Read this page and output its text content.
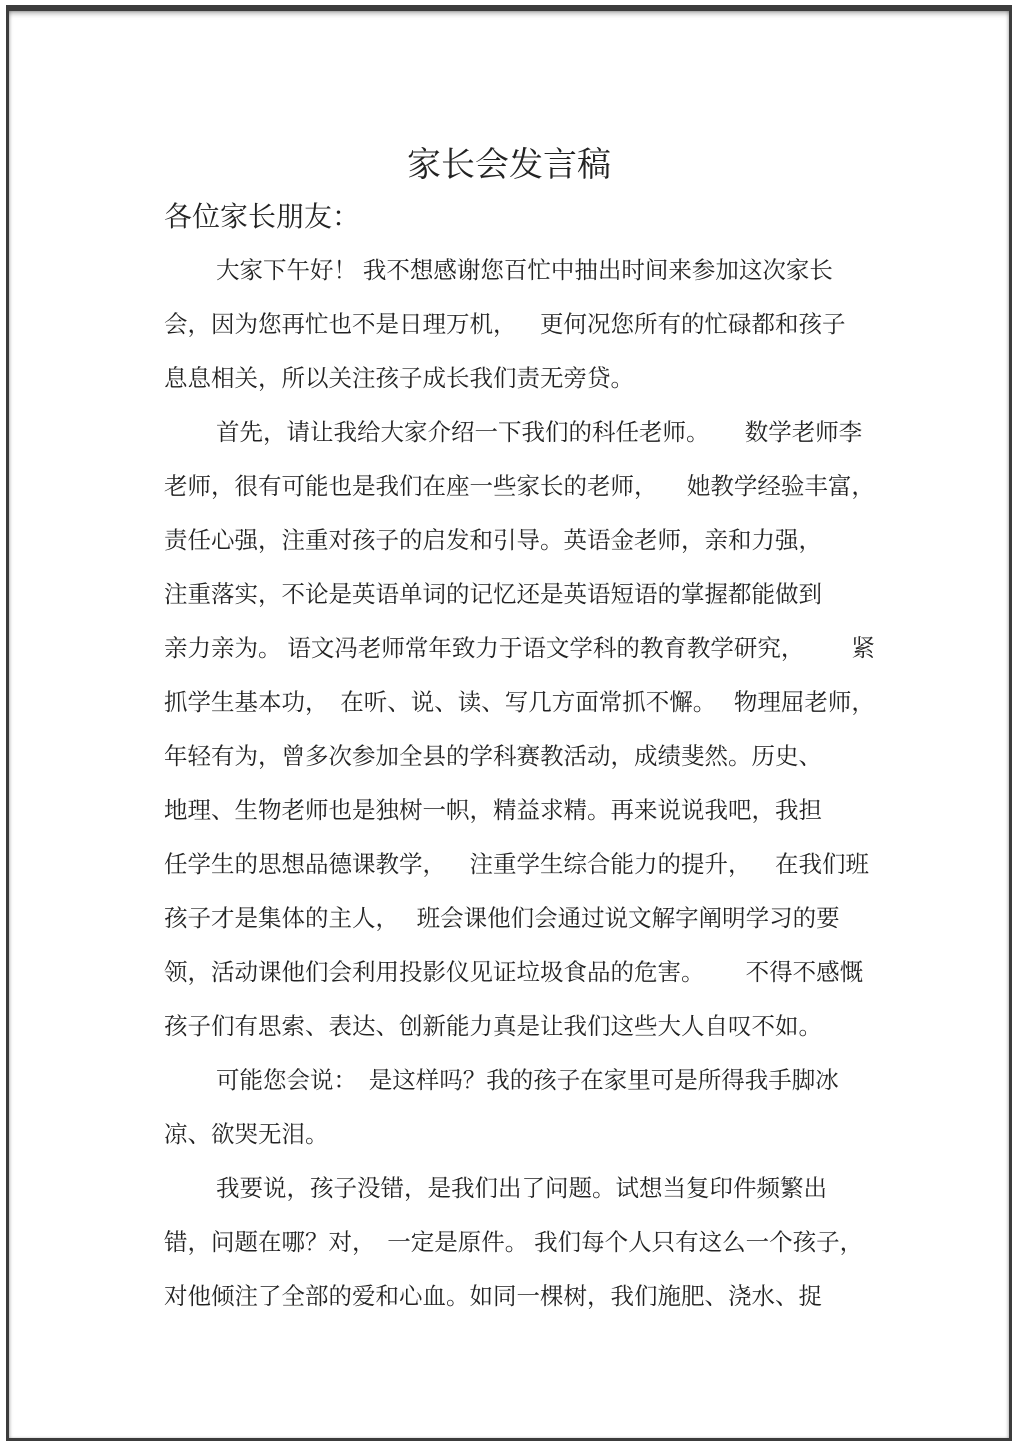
家长会发言稿
各位家长朋友：
大家下午好！ 我不想感谢您百忙中抽出时间来参加这次家长
会，因为您再忙也不是日理万机，    更何况您所有的忙碌都和孩子
息息相关，所以关注孩子成长我们责无旁贷。
首先，请让我给大家介绍一下我们的科任老师。      数学老师李
老师，很有可能也是我们在座一些家长的老师，     她教学经验丰富，
责任心强，注重对孩子的启发和引导。英语金老师，亲和力强，
注重落实，不论是英语单词的记忆还是英语短语的掌握都能做到
亲力亲为。 语文冯老师常年致力于语文学科的教育教学研究，        紧
抓学生基本功，  在听、说、读、写几方面常抓不懈。   物理屈老师，
年轻有为，曾多次参加全县的学科赛教活动，成绩斐然。历史、
地理、生物老师也是独树一帜，精益求精。再来说说我吧，我担
任学生的思想品德课教学，    注重学生综合能力的提升，    在我们班
孩子才是集体的主人，   班会课他们会通过说文解字阐明学习的要
领，活动课他们会利用投影仪见证垃圾食品的危害。       不得不感慨
孩子们有思索、表达、创新能力真是让我们这些大人自叹不如。
可能您会说：  是这样吗？我的孩子在家里可是所得我手脚冰
凉、欲哭无泪。
我要说，孩子没错，是我们出了问题。试想当复印件频繁出
错，问题在哪？对，  一定是原件。 我们每个人只有这么一个孩子，
对他倾注了全部的爱和心血。如同一棵树，我们施肥、浇水、捉
